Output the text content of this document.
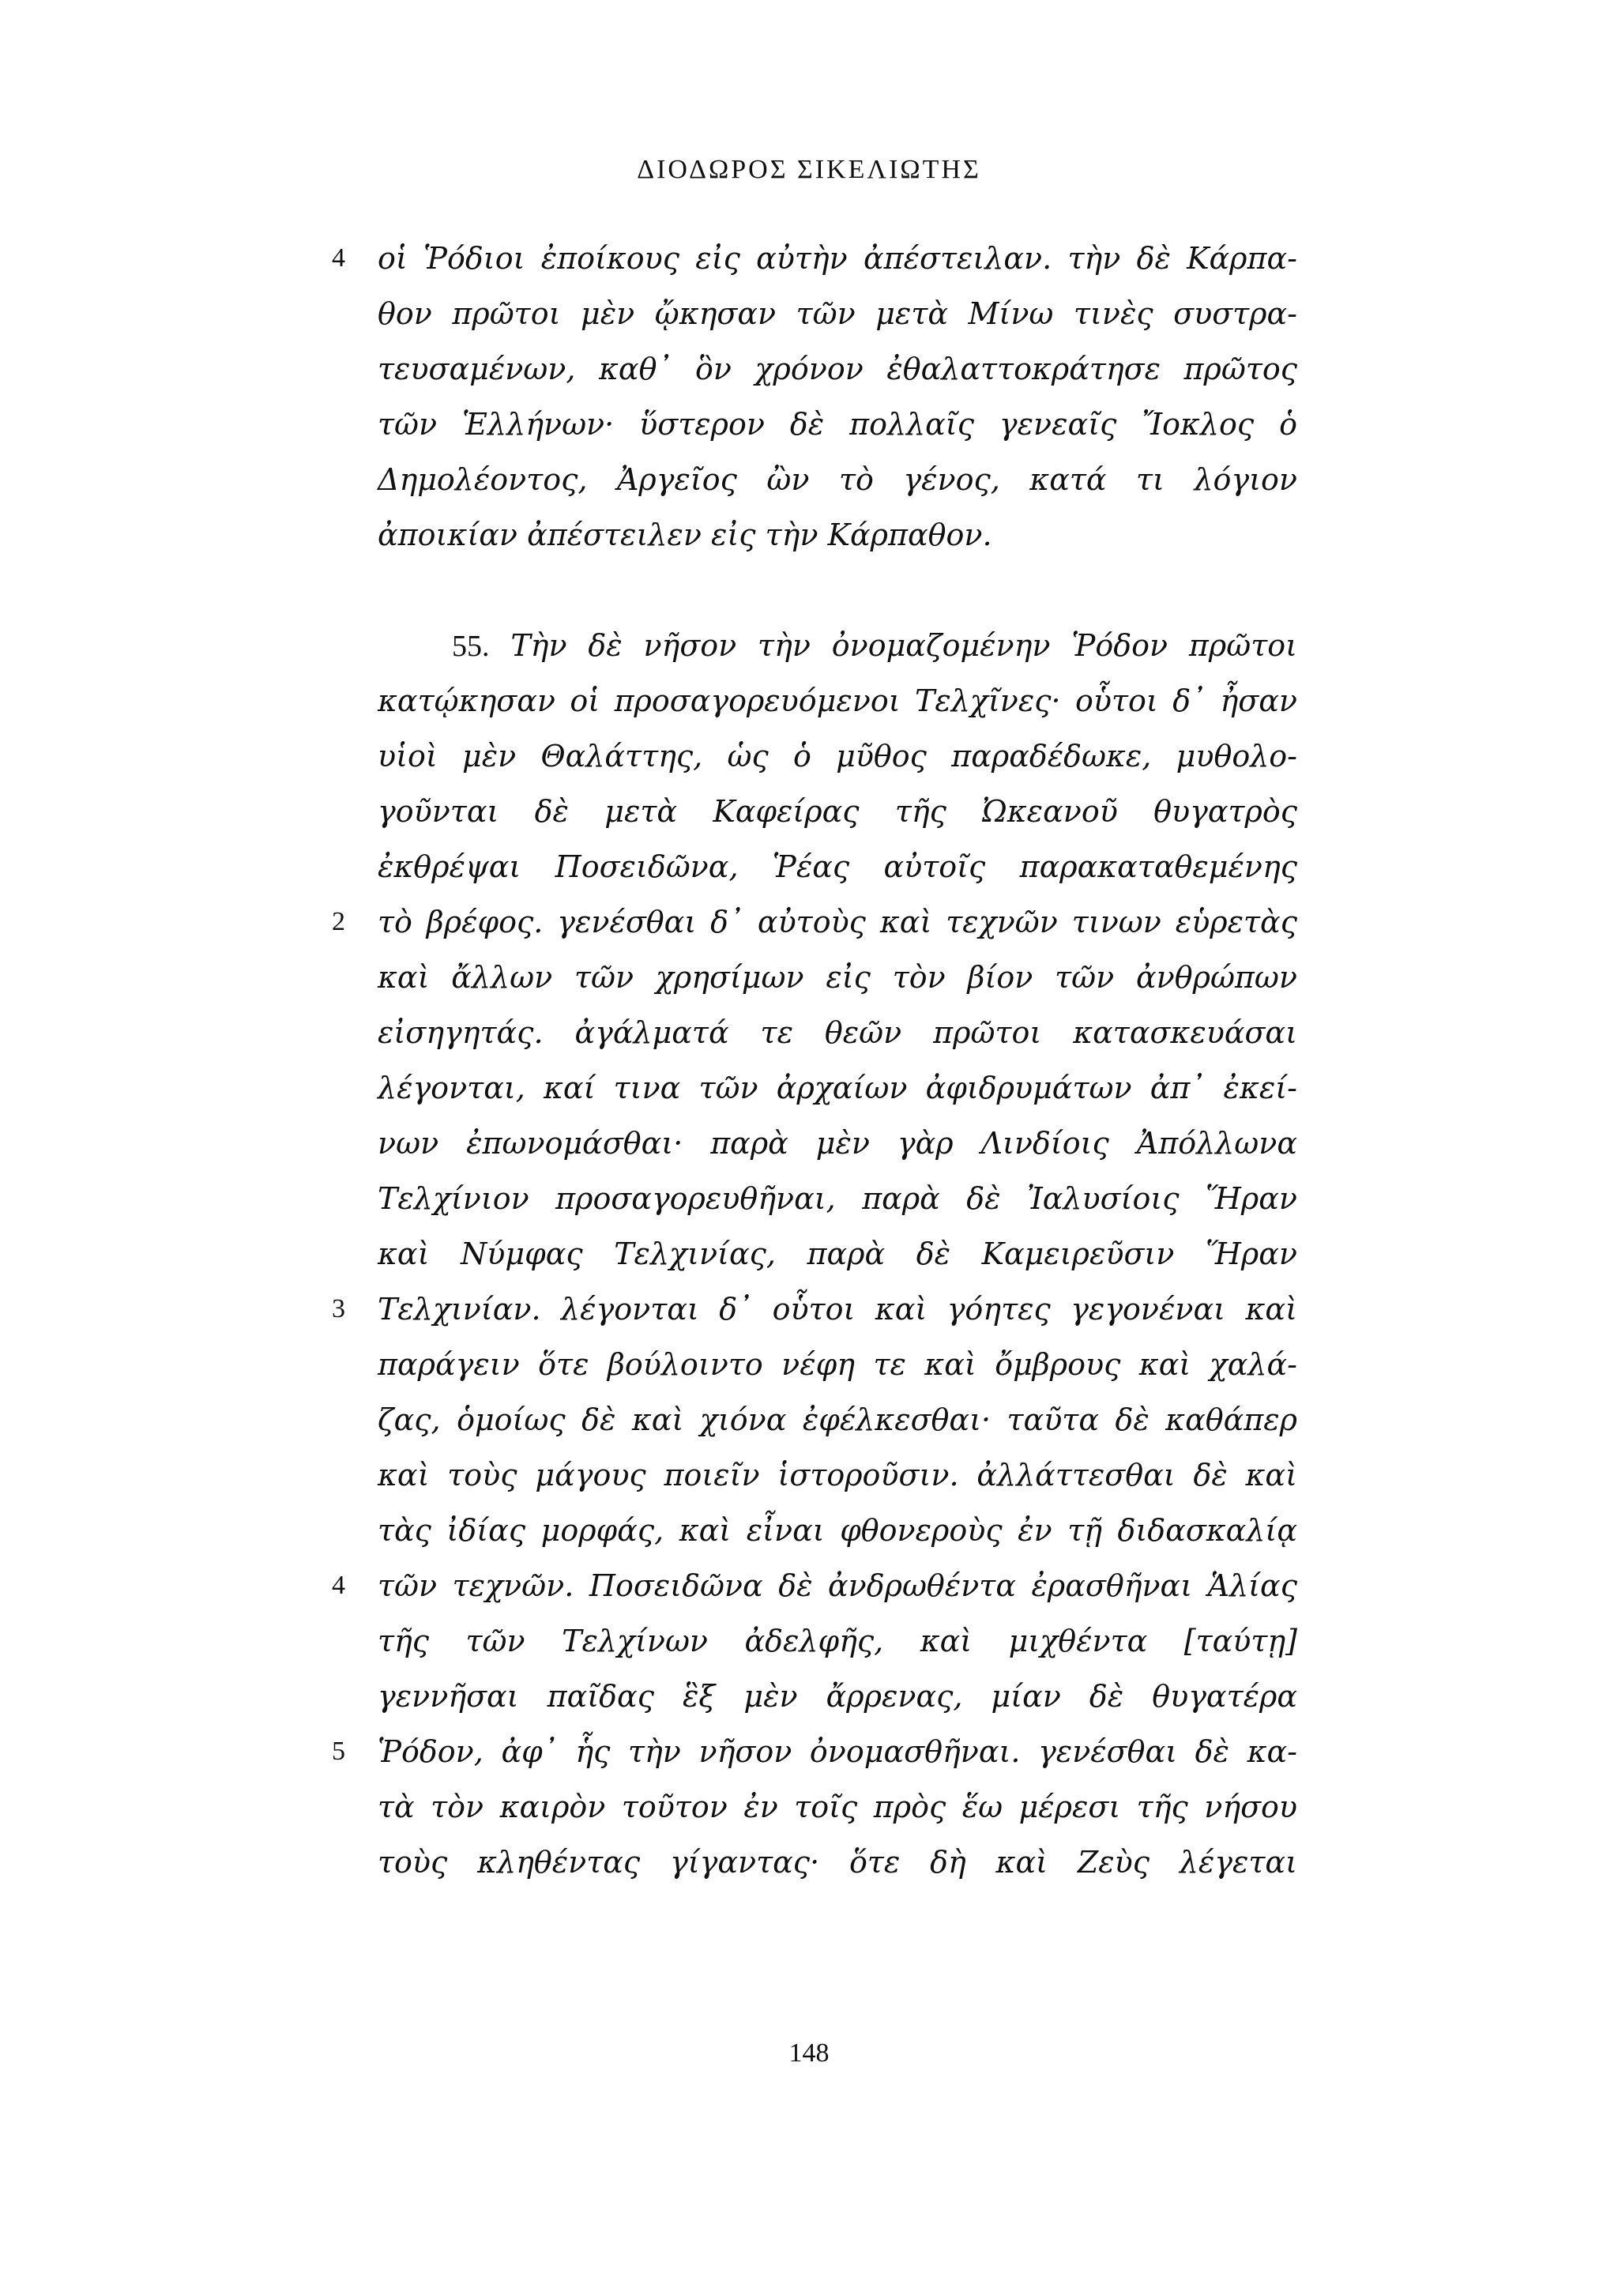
ΔΙΟΔΩΡΟΣ ΣΙΚΕΛΙΩΤΗΣ
4 οἱ Ῥόδιοι ἐποίκους εἰς αὐτὴν ἀπέστειλαν. τὴν δὲ Κάρπα-
θον πρῶτοι μὲν ᾤκησαν τῶν μετὰ Μίνω τινὲς συστρα-
τευσαμένων, καθ᾽ ὃν χρόνον ἐθαλαττοκράτησε πρῶτος
τῶν Ἑλλήνων· ὕστερον δὲ πολλαῖς γενεαῖς Ἴοκλος ὁ
Δημολέοντος, Ἀργεῖος ὢν τὸ γένος, κατά τι λόγιον
ἀποικίαν ἀπέστειλεν εἰς τὴν Κάρπαθον.
55. Τὴν δὲ νῆσον τὴν ὀνομαζομένην Ῥόδον πρῶτοι
κατῴκησαν οἱ προσαγορευόμενοι Τελχῖνες· οὗτοι δ᾽ ἦσαν
υἱοὶ μὲν Θαλάττης, ὡς ὁ μῦθος παραδέδωκε, μυθολο-
γοῦνται δὲ μετὰ Καφείρας τῆς Ὠκεανοῦ θυγατρὸς
ἐκθρέψαι Ποσειδῶνα, Ῥέας αὐτοῖς παρακαταθεμένης
2 τὸ βρέφος. γενέσθαι δ᾽ αὐτοὺς καὶ τεχνῶν τινων εὑρετὰς
καὶ ἄλλων τῶν χρησίμων εἰς τὸν βίον τῶν ἀνθρώπων
εἰσηγητάς. ἀγάλματά τε θεῶν πρῶτοι κατασκευάσαι
λέγονται, καί τινα τῶν ἀρχαίων ἀφιδρυμάτων ἀπ᾽ ἐκεί-
νων ἐπωνομάσθαι· παρὰ μὲν γὰρ Λινδίοις Ἀπόλλωνα
Τελχίνιον προσαγορευθῆναι, παρὰ δὲ Ἰαλυσίοις Ἥραν
καὶ Νύμφας Τελχινίας, παρὰ δὲ Καμειρεῦσιν Ἥραν
3 Τελχινίαν. λέγονται δ᾽ οὗτοι καὶ γόητες γεγονέναι καὶ
παράγειν ὅτε βούλοιντο νέφη τε καὶ ὄμβρους καὶ χαλά-
ζας, ὁμοίως δὲ καὶ χιόνα ἐφέλκεσθαι· ταῦτα δὲ καθάπερ
καὶ τοὺς μάγους ποιεῖν ἱστοροῦσιν. ἀλλάττεσθαι δὲ καὶ
τὰς ἰδίας μορφάς, καὶ εἶναι φθονεροὺς ἐν τῇ διδασκαλίᾳ
4 τῶν τεχνῶν. Ποσειδῶνα δὲ ἀνδρωθέντα ἐρασθῆναι Ἁλίας
τῆς τῶν Τελχίνων ἀδελφῆς, καὶ μιχθέντα [ταύτῃ]
γεννῆσαι παῖδας ἓξ μὲν ἄρρενας, μίαν δὲ θυγατέρα
5 Ῥόδον, ἀφ᾽ ἧς τὴν νῆσον ὀνομασθῆναι. γενέσθαι δὲ κα-
τὰ τὸν καιρὸν τοῦτον ἐν τοῖς πρὸς ἕω μέρεσι τῆς νήσου
τοὺς κληθέντας γίγαντας· ὅτε δὴ καὶ Ζεὺς λέγεται
148
